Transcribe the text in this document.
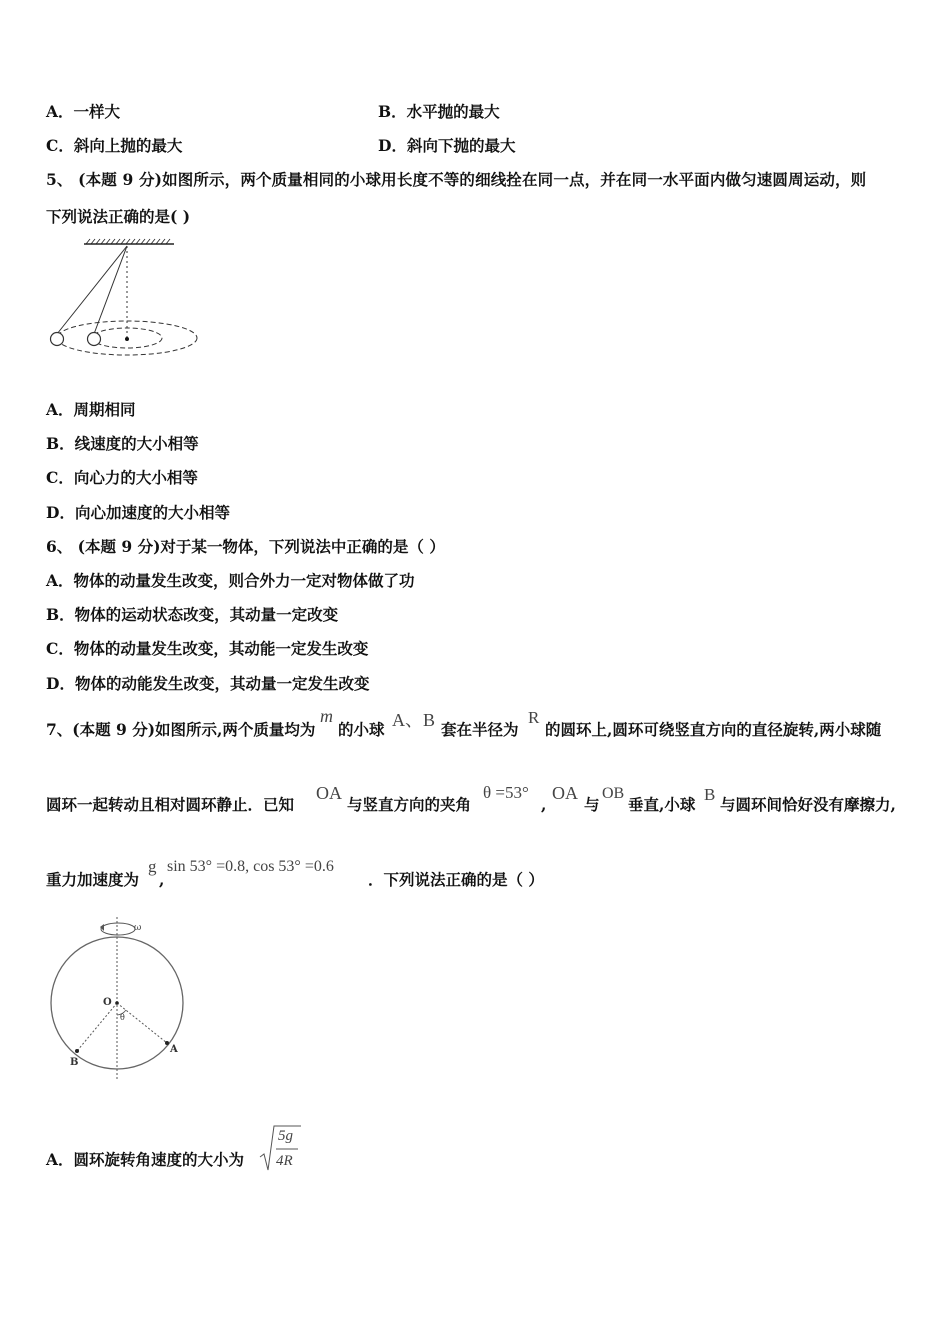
A．一样大	B．水平抛的最大
C．斜向上抛的最大	D．斜向下抛的最大
5、 (本题 9 分)如图所示，两个质量相同的小球用长度不等的细线拴在同一点，并在同一水平面内做匀速圆周运动，则
下列说法正确的是( )
A．周期相同
B．线速度的大小相等
C．向心力的大小相等
D．向心加速度的大小相等
6、 (本题 9 分)对于某一物体，下列说法中正确的是（ ）
A．物体的动量发生改变，则合外力一定对物体做了功
B．物体的运动状态改变，其动量一定改变
C．物体的动量发生改变，其动能一定发生改变
D．物体的动能发生改变，其动量一定发生改变
7、(本题 9 分)如图所示,两个质量均为
m
的小球 A、B 套在半径为
R
的圆环上,圆环可绕竖直方向的直径旋转,两小球随
圆环一起转动且相对圆环静止．已知
OA
与竖直方向的夹角
θ =53°
,
OA
与
OB
垂直,小球
B
与圆环间恰好没有摩擦力,
重力加速度为
g
,
sin 53° =0.8, cos 53° =0.6
．下列说法正确的是（ ）
ω
O
θ
A
B
A．圆环旋转角速度的大小为
5g
4R
